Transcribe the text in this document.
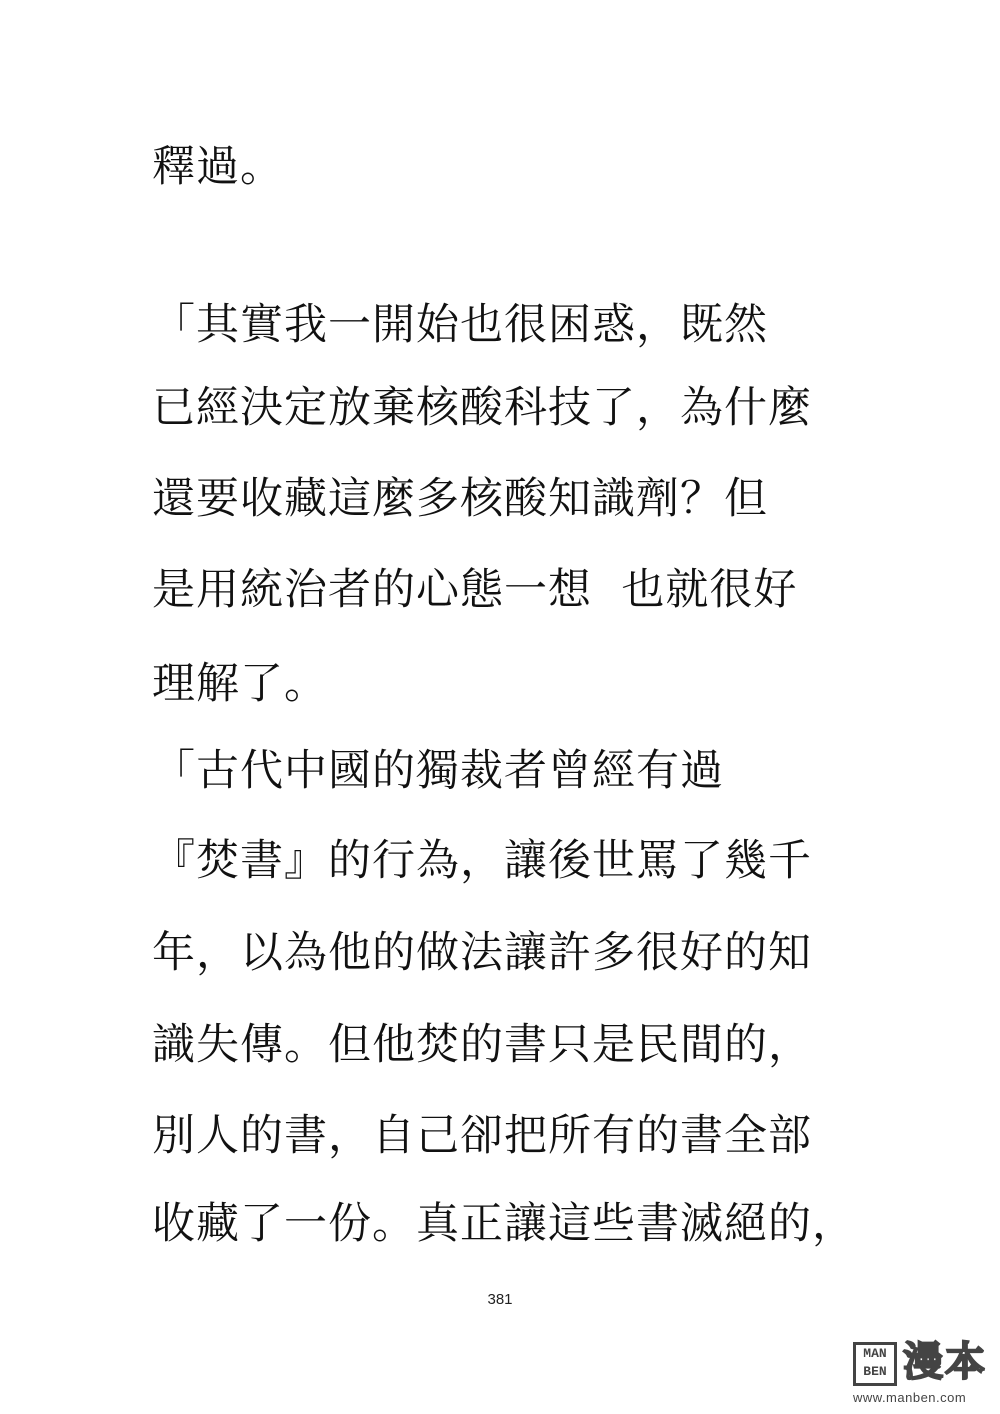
釋過。
「其實我一開始也很困惑，既然
已經決定放棄核酸科技了，為什麼
還要收藏這麼多核酸知識劑？但
是用統治者的心態一想  也就很好
理解了。
「古代中國的獨裁者曾經有過
『焚書』的行為，讓後世罵了幾千
年，以為他的做法讓許多很好的知
識失傳。但他焚的書只是民間的，
別人的書，自己卻把所有的書全部
收藏了一份。真正讓這些書滅絕的，
381
MAN
BEN 漫本
www.manben.com
